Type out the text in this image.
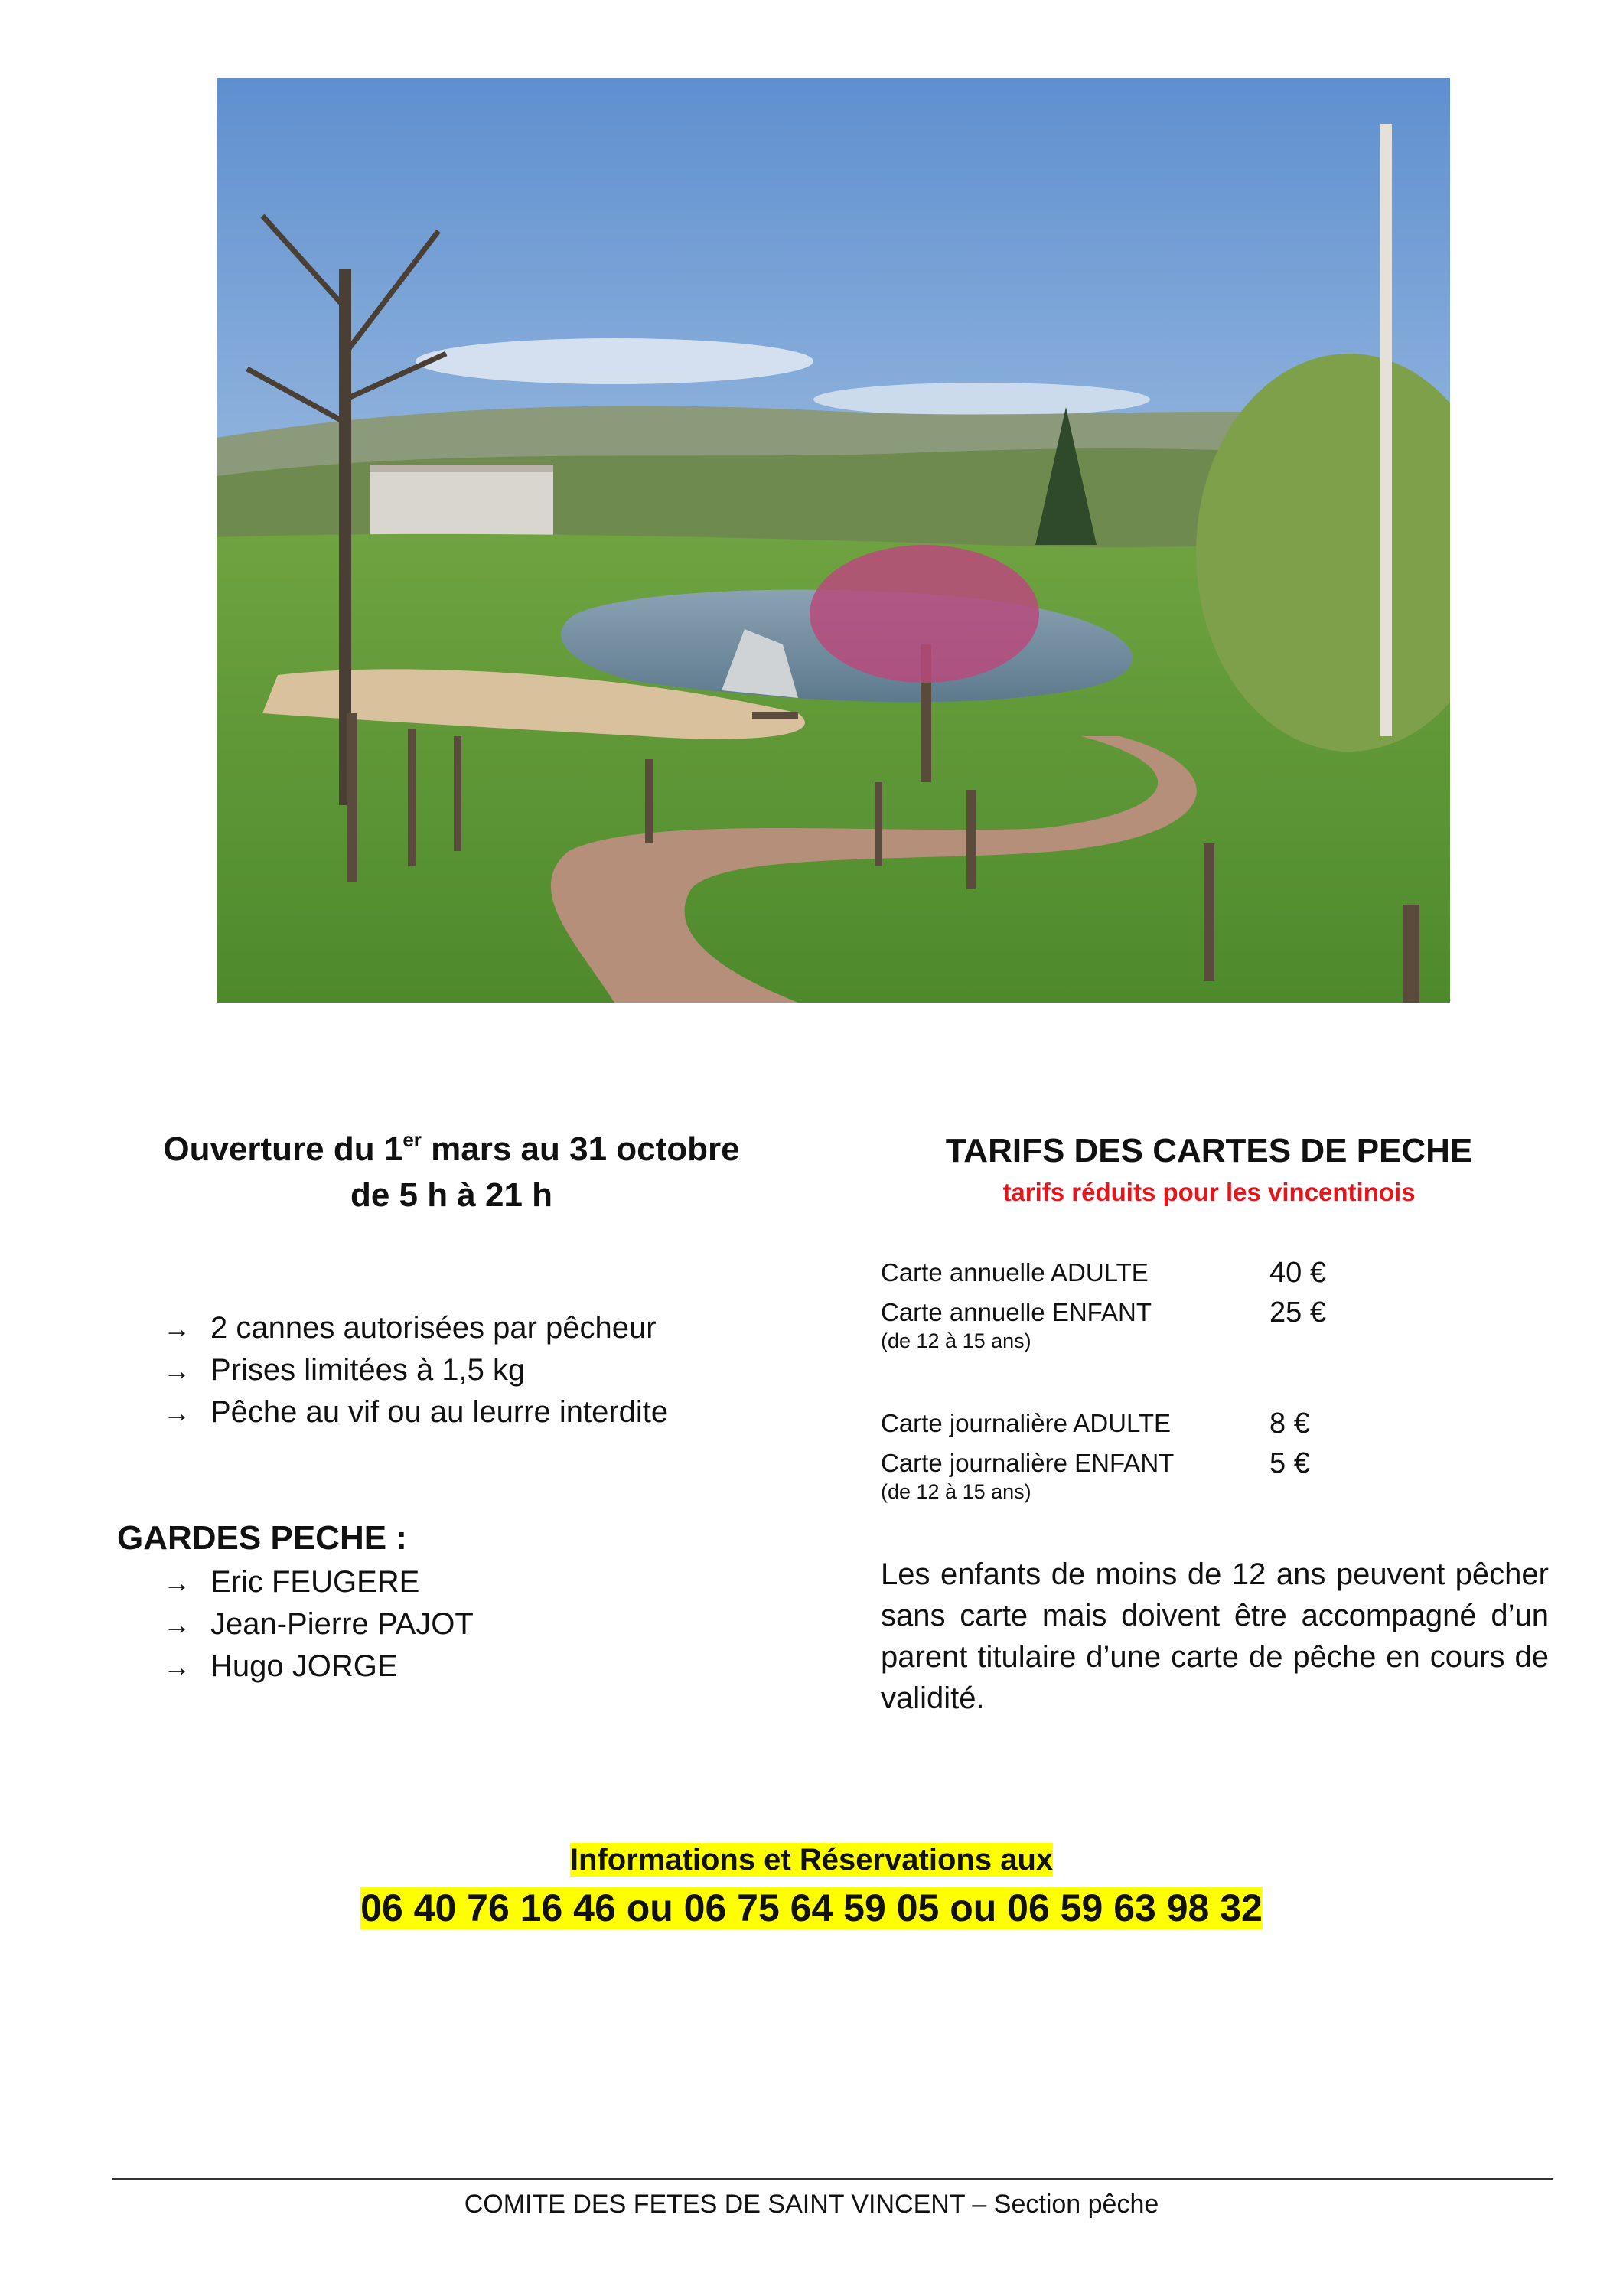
Ouverture du 1er mars au 31 octobre
de 5 h à 21 h
→ 2 cannes autorisées par pêcheur
→ Prises limitées à 1,5 kg
→ Pêche au vif ou au leurre interdite
GARDES PECHE :
→ Eric FEUGERE
→ Jean-Pierre PAJOT
→ Hugo JORGE
TARIFS DES CARTES DE PECHE
tarifs réduits pour les vincentinois
Carte annuelle ADULTE	40 €
Carte annuelle ENFANT	25 €
(de 12 à 15 ans)
Carte journalière ADULTE	8 €
Carte journalière ENFANT	5 €
(de 12 à 15 ans)
Les enfants de moins de 12 ans peuvent pêcher sans carte mais doivent être accompagné d’un parent titulaire d’une carte de pêche en cours de validité.
Informations et Réservations aux
06 40 76 16 46 ou 06 75 64 59 05 ou 06 59 63 98 32
COMITE DES FETES DE SAINT VINCENT – Section pêche
